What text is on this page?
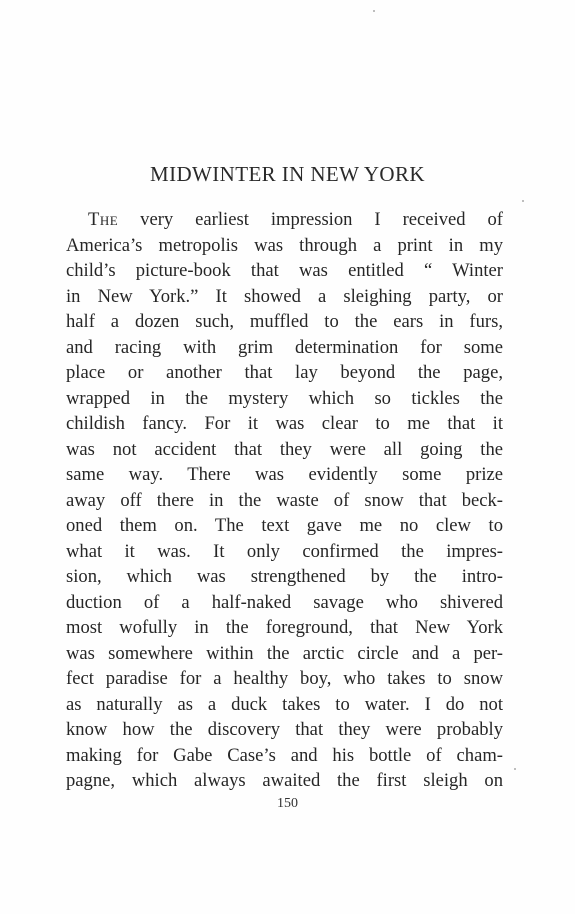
MIDWINTER IN NEW YORK
The very earliest impression I received of
America’s metropolis was through a print in my
child’s picture-book that was entitled “ Winter
in New York.” It showed a sleighing party, or
half a dozen such, muffled to the ears in furs,
and racing with grim determination for some
place or another that lay beyond the page,
wrapped in the mystery which so tickles the
childish fancy. For it was clear to me that it
was not accident that they were all going the
same way. There was evidently some prize
away off there in the waste of snow that beck-
oned them on. The text gave me no clew to
what it was. It only confirmed the impres-
sion, which was strengthened by the intro-
duction of a half-naked savage who shivered
most wofully in the foreground, that New York
was somewhere within the arctic circle and a per-
fect paradise for a healthy boy, who takes to snow
as naturally as a duck takes to water. I do not
know how the discovery that they were probably
making for Gabe Case’s and his bottle of cham-
pagne, which always awaited the first sleigh on
150
